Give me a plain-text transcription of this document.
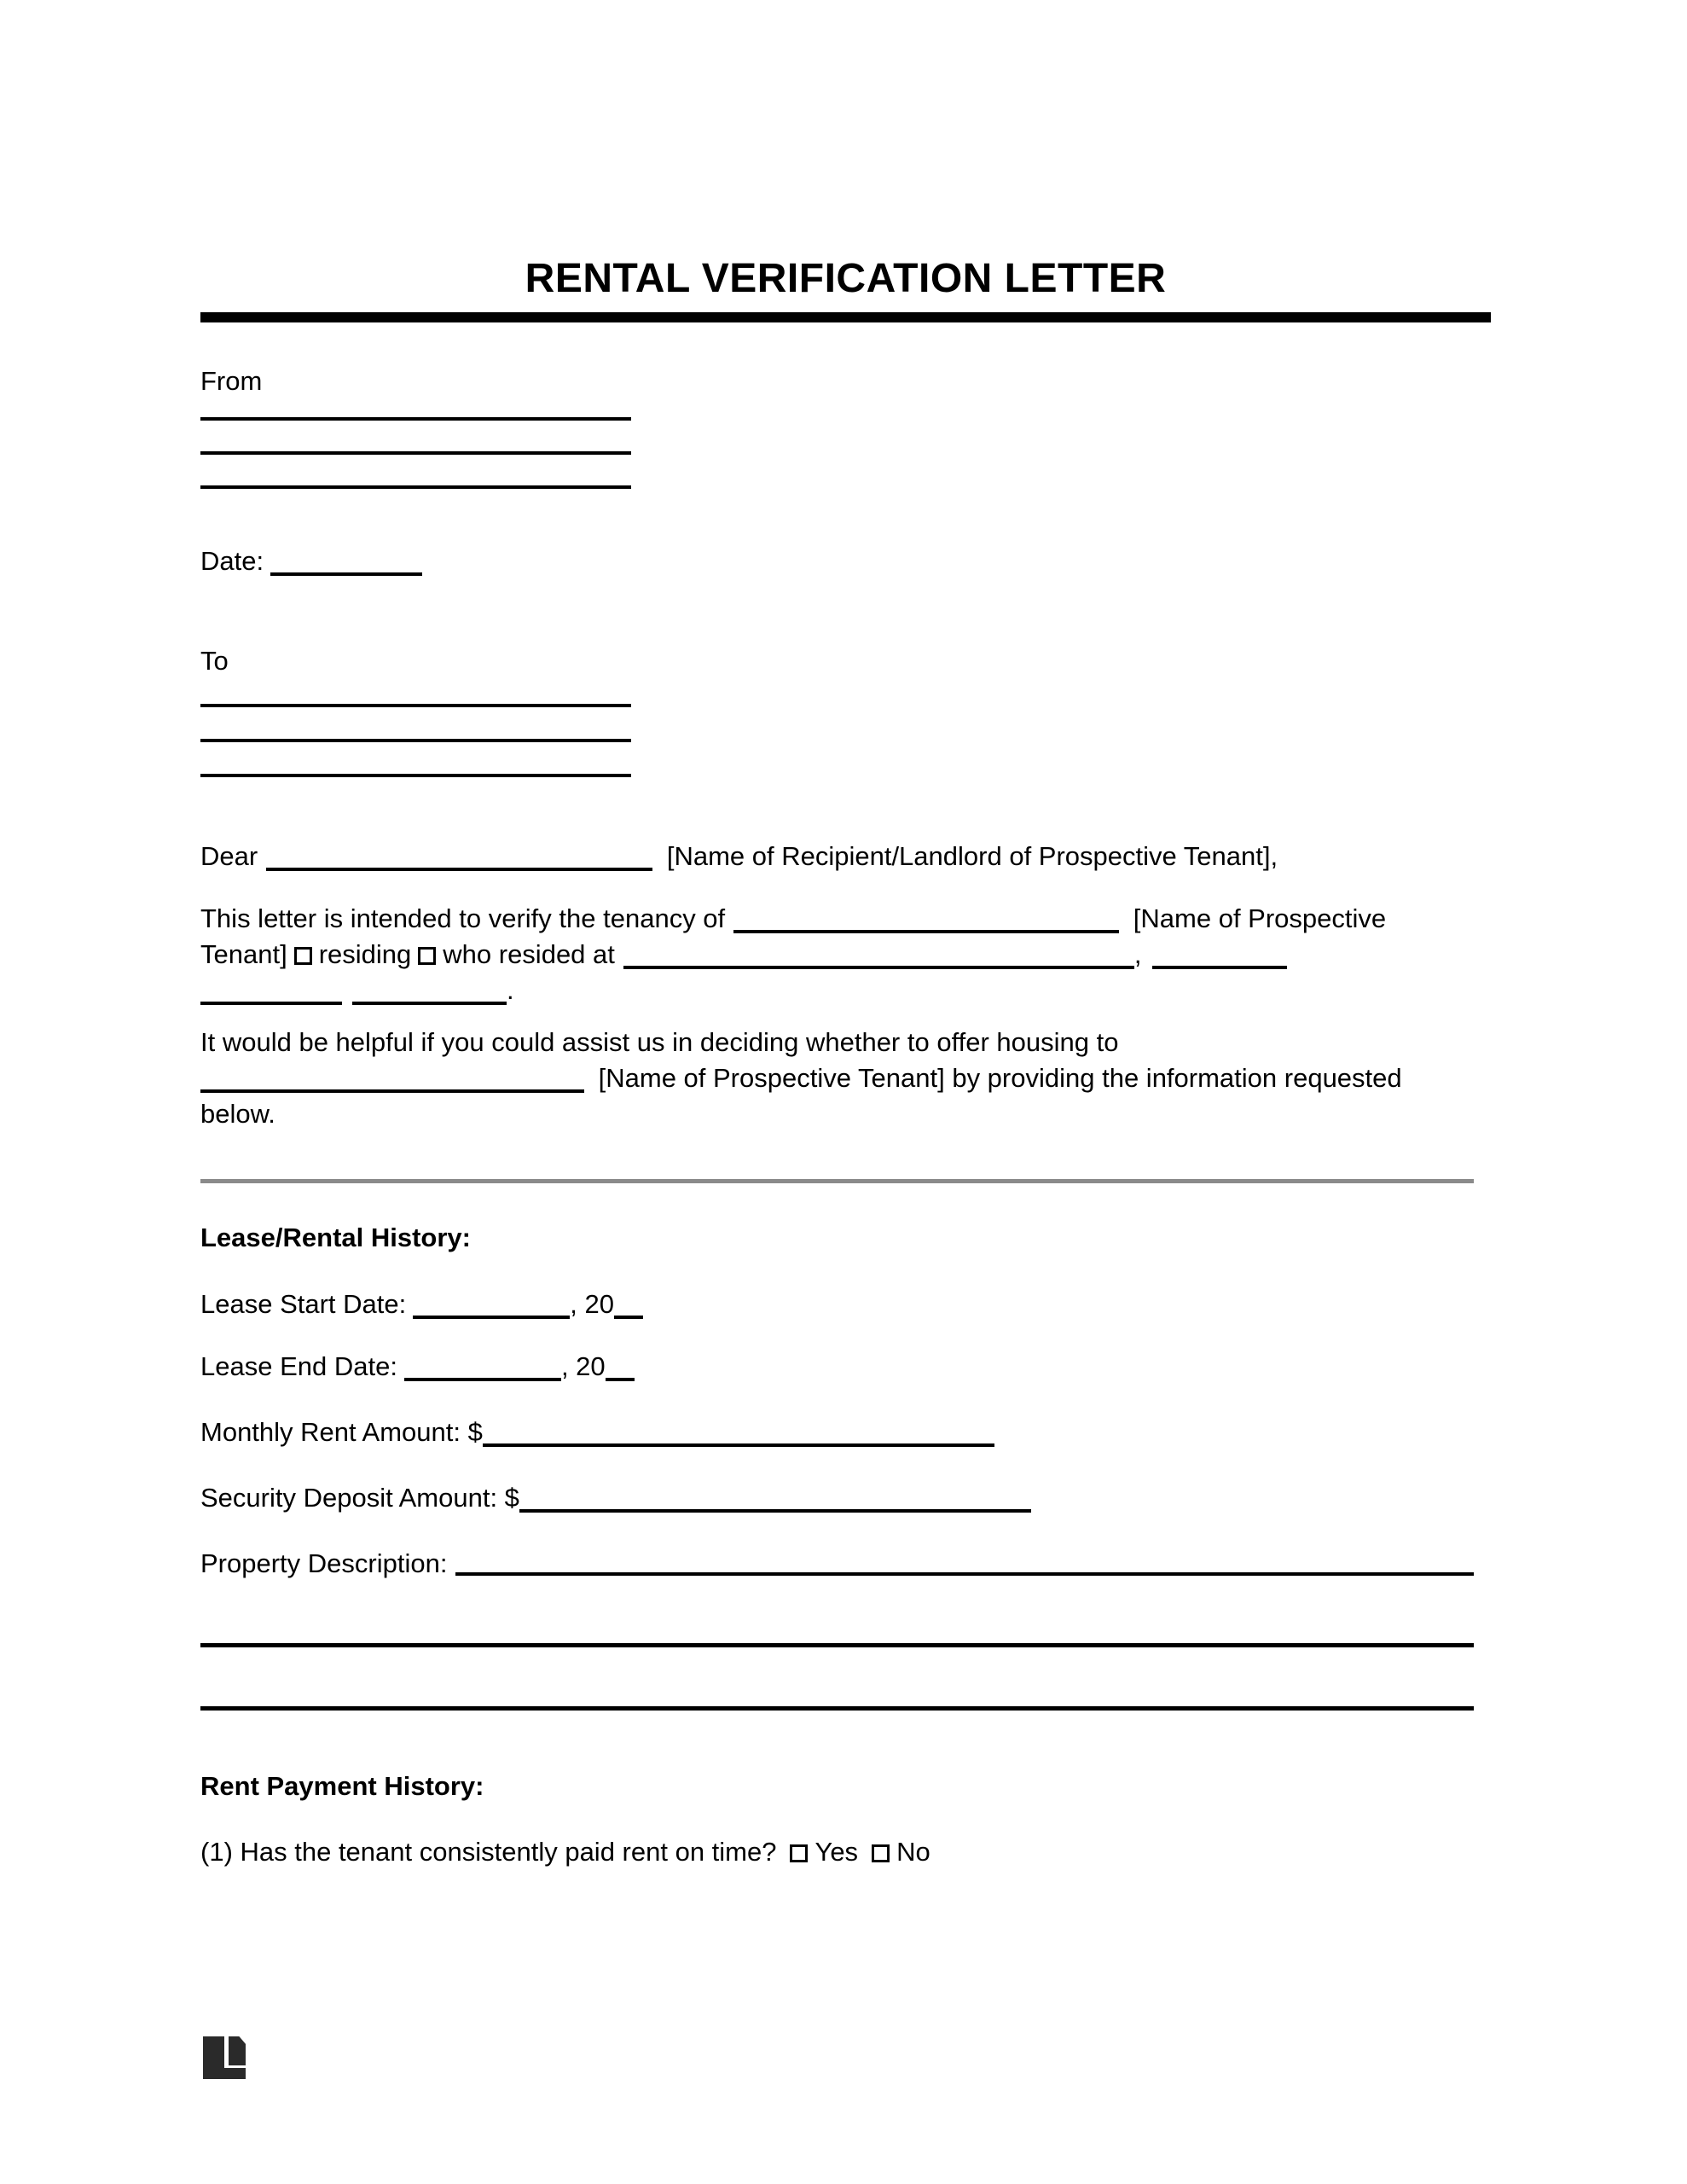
RENTAL VERIFICATION LETTER
From
Date:
To
Dear	[Name of Recipient/Landlord of Prospective Tenant],
This letter is intended to verify the tenancy of	[Name of Prospective
Tenant] residing who resided at	,
.
It would be helpful if you could assist us in deciding whether to offer housing to
[Name of Prospective Tenant] by providing the information requested
below.
Lease/Rental History:
Lease Start Date:	, 20
Lease End Date:	, 20
Monthly Rent Amount: $
Security Deposit Amount: $
Property Description:
Rent Payment History:
(1) Has the tenant consistently paid rent on time? Yes No
